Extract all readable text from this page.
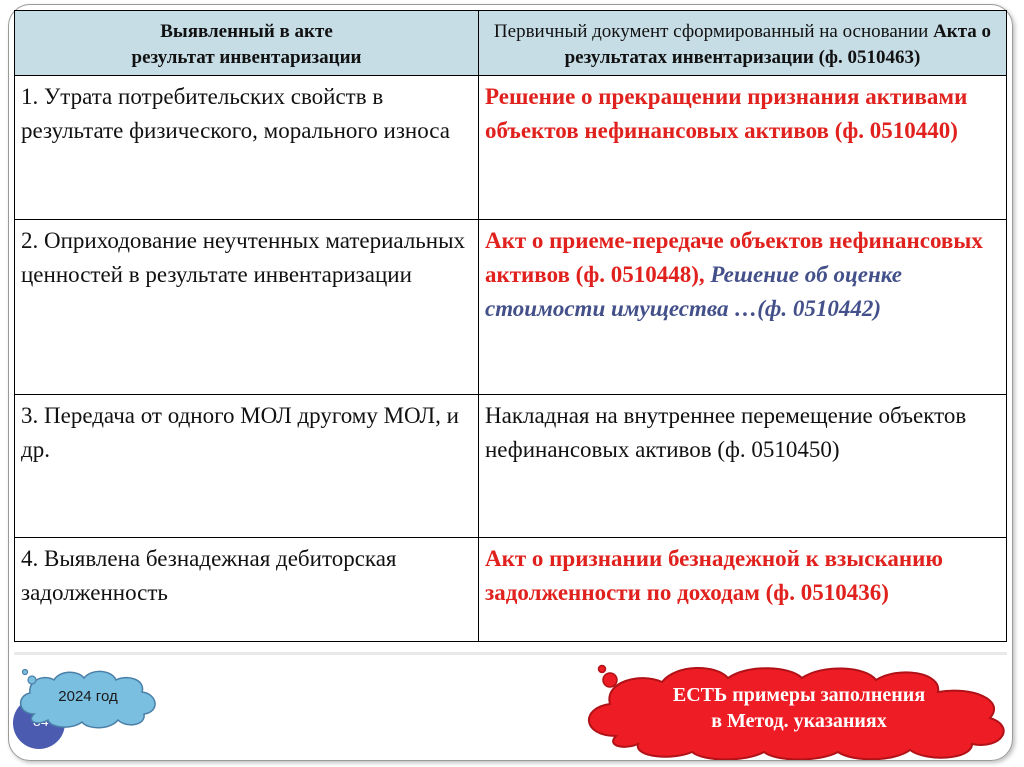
Выявленный в акте
результат инвентаризации	Первичный документ сформированный на основании Акта о результатах инвентаризации (ф. 0510463)
1. Утрата потребительских свойств в результате физического, морального износа	Решение о прекращении признания активами объектов нефинансовых активов (ф. 0510440)
2. Оприходование неучтенных материальных ценностей в результате инвентаризации	Акт о приеме-передаче объектов нефинансовых активов (ф. 0510448), Решение об оценке стоимости имущества …(ф. 0510442)
3. Передача от одного МОЛ другому МОЛ, и др.	Накладная на внутреннее перемещение объектов нефинансовых активов (ф. 0510450)
4. Выявлена безнадежная дебиторская задолженность	Акт о признании безнадежной к взысканию задолженности по доходам (ф. 0510436)
2024 год	ЕСТЬ примеры заполнения
в Метод. указаниях
